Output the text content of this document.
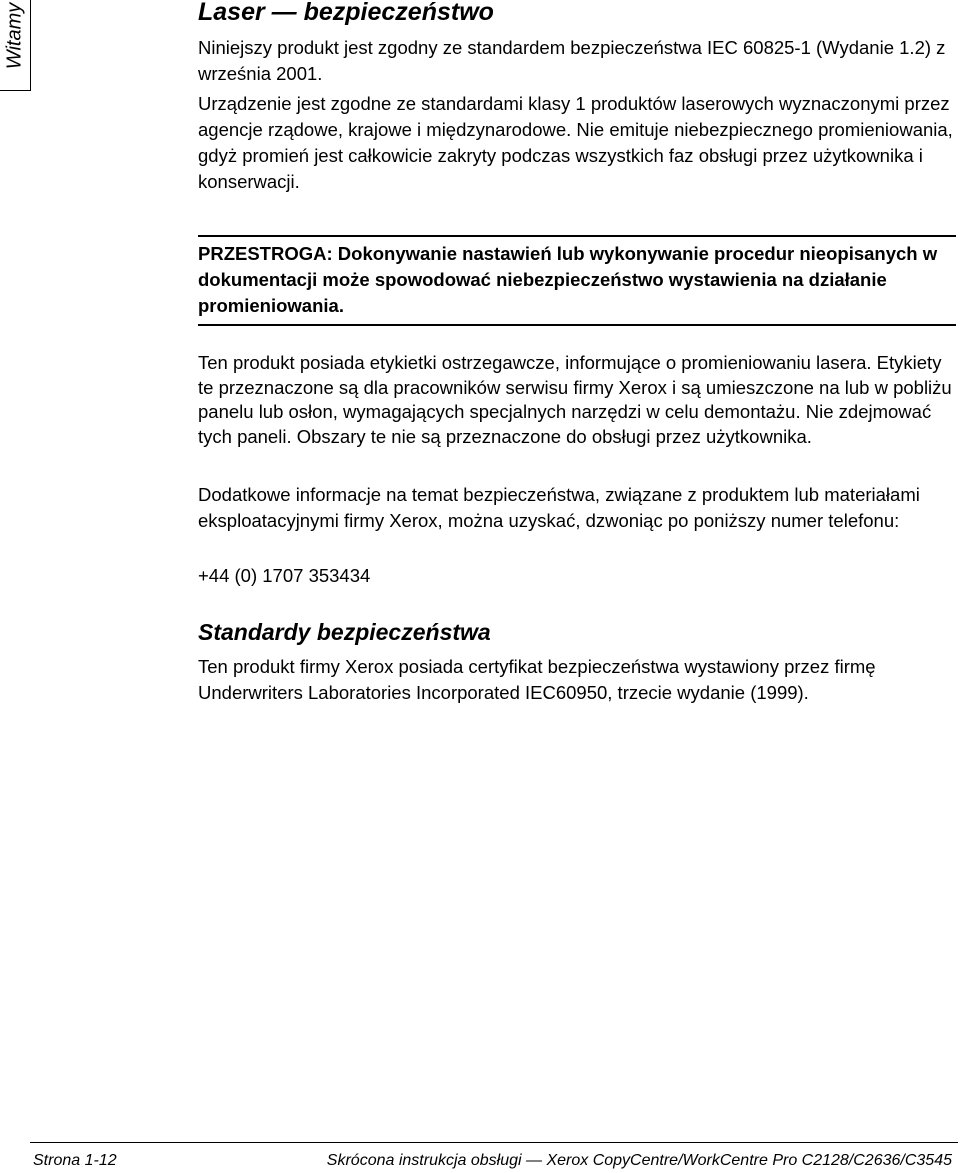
Witamy	Laser — bezpieczeństwo

Niniejszy produkt jest zgodny ze standardem bezpieczeństwa IEC 60825-1 (Wydanie 1.2) z września 2001.

Urządzenie jest zgodne ze standardami klasy 1 produktów laserowych wyznaczonymi przez agencje rządowe, krajowe i międzynarodowe. Nie emituje niebezpiecznego promieniowania, gdyż promień jest całkowicie zakryty podczas wszystkich faz obsługi przez użytkownika i konserwacji.

PRZESTROGA: Dokonywanie nastawień lub wykonywanie procedur nieopisanych w dokumentacji może spowodować niebezpieczeństwo wystawienia na działanie promieniowania.

Ten produkt posiada etykietki ostrzegawcze, informujące o promieniowaniu lasera. Etykiety te przeznaczone są dla pracowników serwisu firmy Xerox i są umieszczone na lub w pobliżu panelu lub osłon, wymagających specjalnych narzędzi w celu demontażu. Nie zdejmować tych paneli. Obszary te nie są przeznaczone do obsługi przez użytkownika.

Dodatkowe informacje na temat bezpieczeństwa, związane z produktem lub materiałami eksploatacyjnymi firmy Xerox, można uzyskać, dzwoniąc po poniższy numer telefonu:

+44 (0) 1707 353434

Standardy bezpieczeństwa

Ten produkt firmy Xerox posiada certyfikat bezpieczeństwa wystawiony przez firmę Underwriters Laboratories Incorporated IEC60950, trzecie wydanie (1999).

Strona 1-12	Skrócona instrukcja obsługi — Xerox CopyCentre/WorkCentre Pro C2128/C2636/C3545
